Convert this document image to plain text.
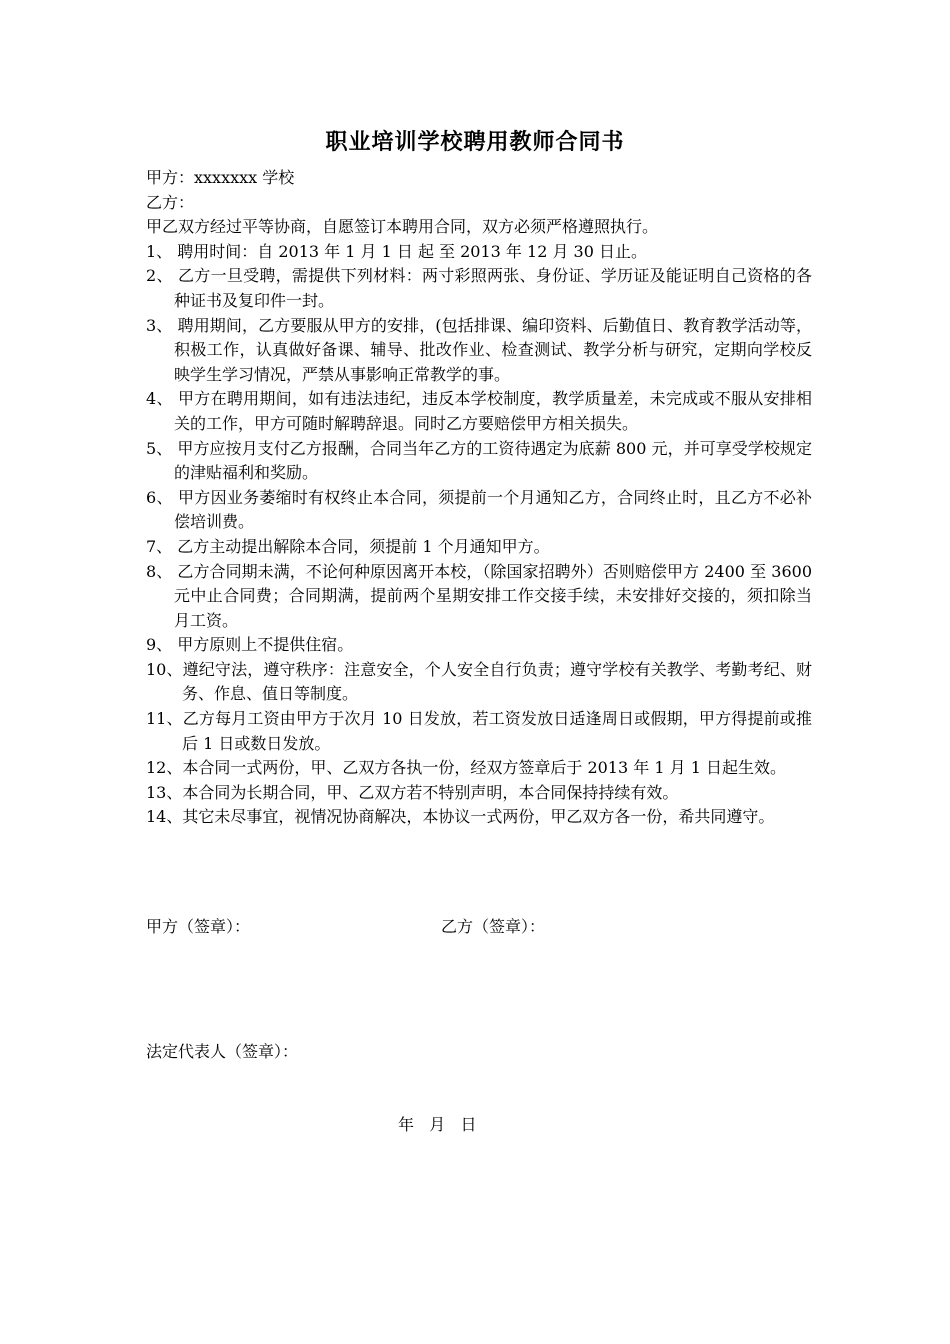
职业培训学校聘用教师合同书
甲方：xxxxxxx 学校
乙方：
甲乙双方经过平等协商，自愿签订本聘用合同，双方必须严格遵照执行。
1、 聘用时间：自 2013 年 1 月 1 日 起 至 2013 年 12 月 30 日止。
2、 乙方一旦受聘，需提供下列材料：两寸彩照两张、身份证、学历证及能证明自己资格的各种证书及复印件一封。
3、 聘用期间，乙方要服从甲方的安排，(包括排课、编印资料、后勤值日、教育教学活动等，积极工作，认真做好备课、辅导、批改作业、检查测试、教学分析与研究，定期向学校反映学生学习情况，严禁从事影响正常教学的事。
4、 甲方在聘用期间，如有违法违纪，违反本学校制度，教学质量差，未完成或不服从安排相关的工作，甲方可随时解聘辞退。同时乙方要赔偿甲方相关损失。
5、 甲方应按月支付乙方报酬，合同当年乙方的工资待遇定为底薪 800 元，并可享受学校规定的津贴福利和奖励。
6、 甲方因业务萎缩时有权终止本合同，须提前一个月通知乙方，合同终止时，且乙方不必补偿培训费。
7、 乙方主动提出解除本合同，须提前 1 个月通知甲方。
8、 乙方合同期未满，不论何种原因离开本校，（除国家招聘外）否则赔偿甲方 2400 至 3600 元中止合同费；合同期满，提前两个星期安排工作交接手续，未安排好交接的，须扣除当月工资。
9、 甲方原则上不提供住宿。
10、遵纪守法，遵守秩序：注意安全，个人安全自行负责；遵守学校有关教学、考勤考纪、财务、作息、值日等制度。
11、乙方每月工资由甲方于次月 10 日发放，若工资发放日适逢周日或假期，甲方得提前或推后 1 日或数日发放。
12、本合同一式两份，甲、乙双方各执一份，经双方签章后于 2013 年 1 月 1 日起生效。
13、本合同为长期合同，甲、乙双方若不特别声明，本合同保持持续有效。
14、其它未尽事宜，视情况协商解决，本协议一式两份，甲乙双方各一份，希共同遵守。
甲方（签章）：	乙方（签章）：
法定代表人（签章）：
年   月   日
